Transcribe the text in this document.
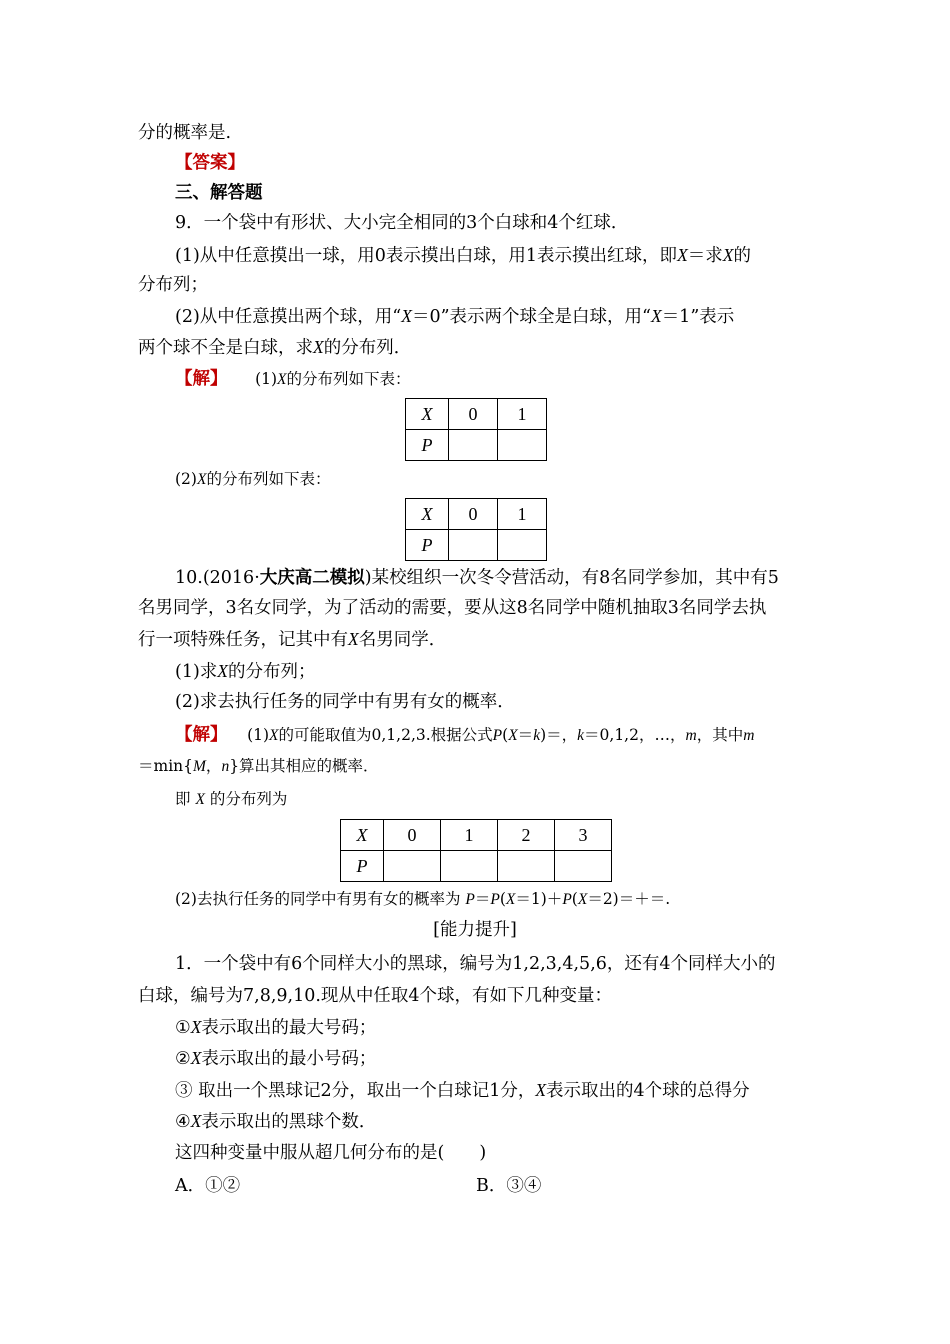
分的概率是.
【答案】
三、解答题
9．一个袋中有形状、大小完全相同的3个白球和4个红球．
(1)从中任意摸出一球，用0表示摸出白球，用1表示摸出红球，即X＝求X的
分布列；
(2)从中任意摸出两个球，用“X＝0”表示两个球全是白球，用“X＝1”表示
两个球不全是白球，求X的分布列．
【解】 (1)X的分布列如下表：
X	0	1
P		
(2)X的分布列如下表：
X	0	1
P		
10.(2016·大庆高二模拟)某校组织一次冬令营活动，有8名同学参加，其中有5
名男同学，3名女同学，为了活动的需要，要从这8名同学中随机抽取3名同学去执
行一项特殊任务，记其中有X名男同学．
(1)求X的分布列；
(2)求去执行任务的同学中有男有女的概率．
【解】 (1)X的可能取值为0,1,2,3.根据公式P(X＝k)＝，k＝0,1,2，…，m，其中m
＝min{M，n}算出其相应的概率．
即 X 的分布列为
X	0	1	2	3
P				
(2)去执行任务的同学中有男有女的概率为 P＝P(X＝1)＋P(X＝2)＝＋＝.
[能力提升]
1．一个袋中有6个同样大小的黑球，编号为1,2,3,4,5,6，还有4个同样大小的
白球，编号为7,8,9,10.现从中任取4个球，有如下几种变量：
①X表示取出的最大号码；
②X表示取出的最小号码；
③ 取出一个黑球记2分，取出一个白球记1分，X表示取出的4个球的总得分
④X表示取出的黑球个数．
这四种变量中服从超几何分布的是(　　)
A．①②	B．③④
